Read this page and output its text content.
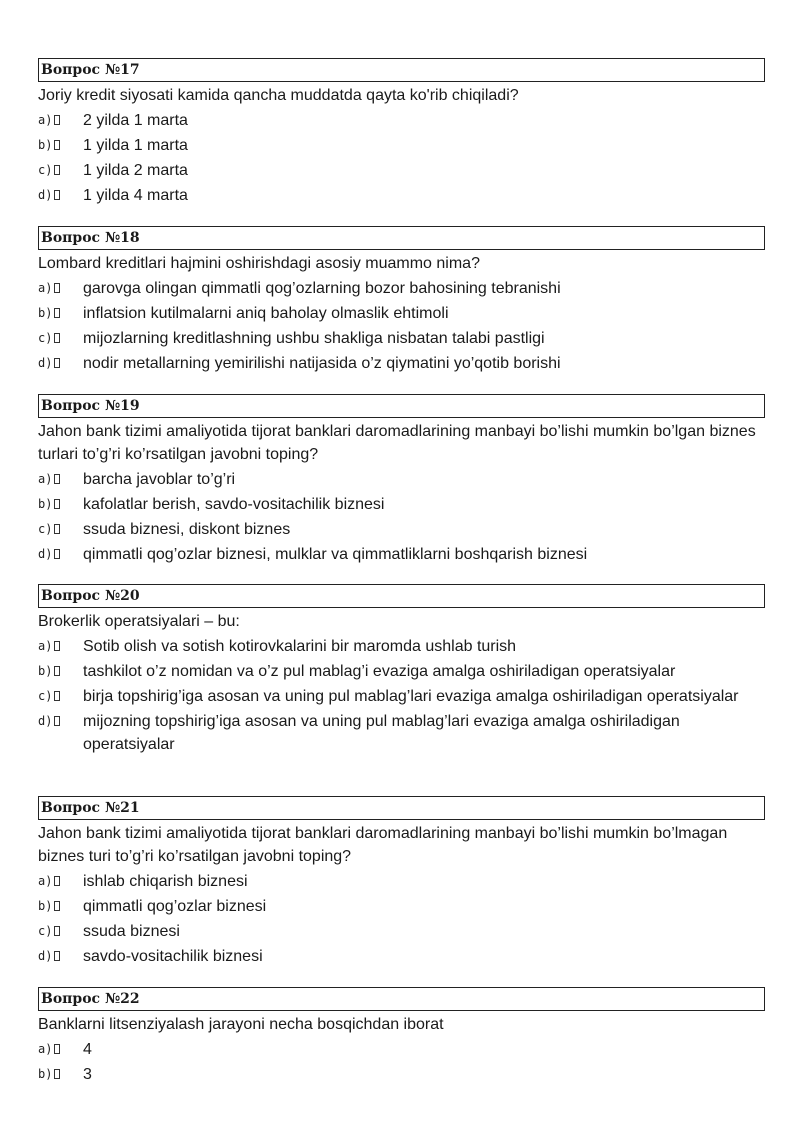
Вопрос №17
Joriy kredit siyosati kamida qancha muddatda qayta ko'rib chiqiladi?
a)	2 yilda 1 marta
b)	1 yilda 1 marta
c)	1 yilda 2 marta
d)	1 yilda 4 marta
Вопрос №18
Lombard kreditlari hajmini oshirishdagi asosiy muammo nima?
a)	garovga olingan qimmatli qog’ozlarning bozor bahosining tebranishi
b)	inflatsion kutilmalarni aniq baholay olmaslik ehtimoli
c)	mijozlarning kreditlashning ushbu shakliga nisbatan talabi pastligi
d)	nodir metallarning yemirilishi natijasida o’z qiymatini yo’qotib borishi
Вопрос №19
Jahon bank tizimi amaliyotida tijorat banklari daromadlarining manbayi bo’lishi mumkin bo’lgan biznes turlari to’g’ri ko’rsatilgan javobni toping?
a)	barcha javoblar to’g’ri
b)	kafolatlar berish, savdo-vositachilik biznesi
c)	ssuda biznesi, diskont biznes
d)	qimmatli qog’ozlar biznesi, mulklar va qimmatliklarni boshqarish biznesi
Вопрос №20
Brokerlik operatsiyalari – bu:
a)	Sotib olish va sotish kotirovkalarini bir maromda ushlab turish
b)	tashkilot o’z nomidan va o’z pul mablag’i evaziga amalga oshiriladigan operatsiyalar
c)	birja topshirig’iga asosan va uning pul mablag’lari evaziga amalga oshiriladigan operatsiyalar
d)	mijozning topshirig’iga asosan va uning pul mablag’lari evaziga amalga oshiriladigan operatsiyalar
Вопрос №21
Jahon bank tizimi amaliyotida tijorat banklari daromadlarining manbayi bo’lishi mumkin bo’lmagan biznes turi to’g’ri ko’rsatilgan javobni toping?
a)	ishlab chiqarish biznesi
b)	qimmatli qog’ozlar biznesi
c)	ssuda biznesi
d)	savdo-vositachilik biznesi
Вопрос №22
Banklarni litsenziyalash jarayoni necha bosqichdan iborat
a)	4
b)	3
